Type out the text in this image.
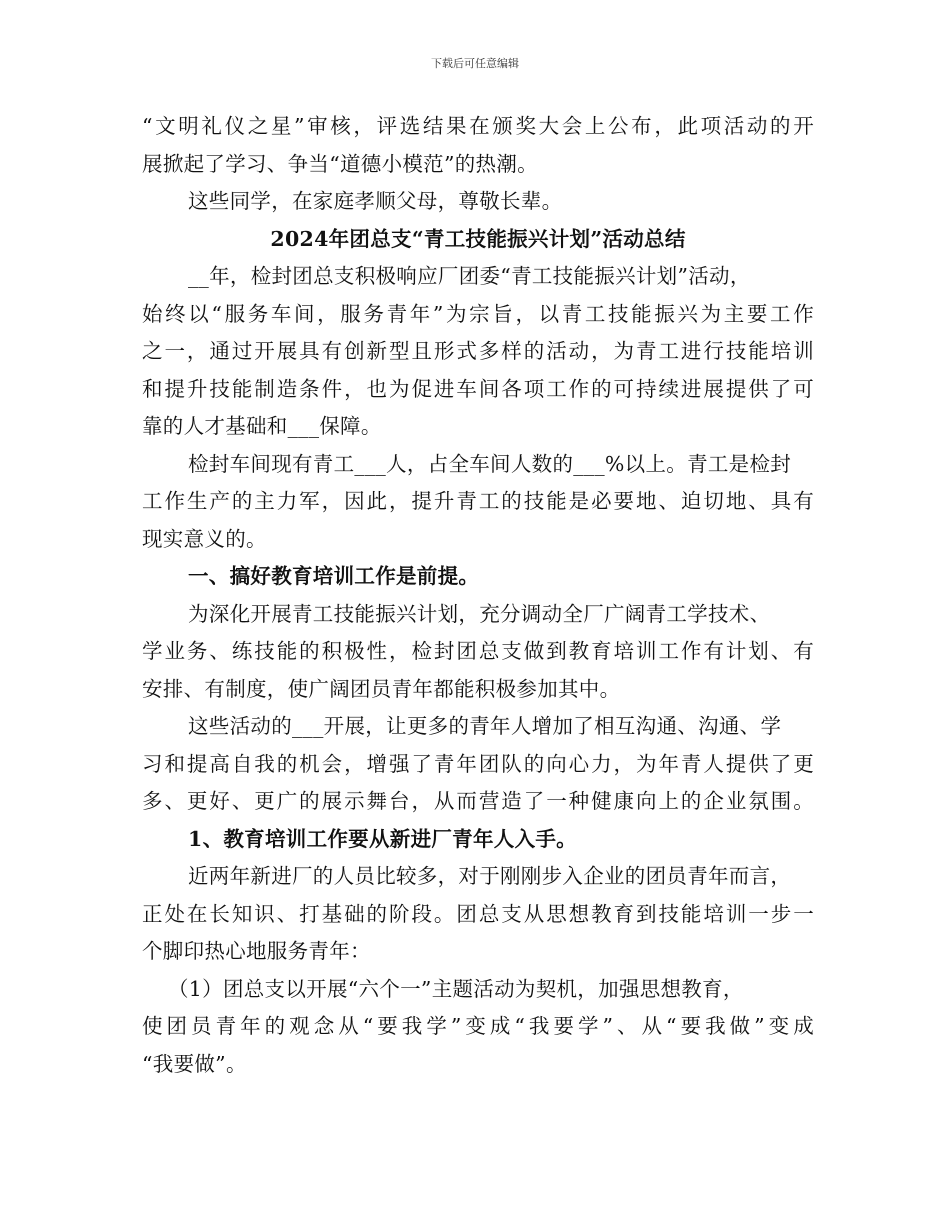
下载后可任意编辑
“文明礼仪之星”审核，评选结果在颁奖大会上公布，此项活动的开
展掀起了学习、争当“道德小模范”的热潮。
这些同学，在家庭孝顺父母，尊敬长辈。
2024年团总支“青工技能振兴计划”活动总结
__年，检封团总支积极响应厂团委“青工技能振兴计划”活动，
始终以“服务车间，服务青年”为宗旨，以青工技能振兴为主要工作
之一，通过开展具有创新型且形式多样的活动，为青工进行技能培训
和提升技能制造条件，也为促进车间各项工作的可持续进展提供了可
靠的人才基础和___保障。
检封车间现有青工___人，占全车间人数的___%以上。青工是检封
工作生产的主力军，因此，提升青工的技能是必要地、迫切地、具有
现实意义的。
一、搞好教育培训工作是前提。
为深化开展青工技能振兴计划，充分调动全厂广阔青工学技术、
学业务、练技能的积极性，检封团总支做到教育培训工作有计划、有
安排、有制度，使广阔团员青年都能积极参加其中。
这些活动的___开展，让更多的青年人增加了相互沟通、沟通、学
习和提高自我的机会，增强了青年团队的向心力，为年青人提供了更
多、更好、更广的展示舞台，从而营造了一种健康向上的企业氛围。
1、教育培训工作要从新进厂青年人入手。
近两年新进厂的人员比较多，对于刚刚步入企业的团员青年而言，
正处在长知识、打基础的阶段。团总支从思想教育到技能培训一步一
个脚印热心地服务青年：
（1）团总支以开展“六个一”主题活动为契机，加强思想教育，
使团员青年的观念从“要我学”变成“我要学”、从“要我做”变成
“我要做”。
